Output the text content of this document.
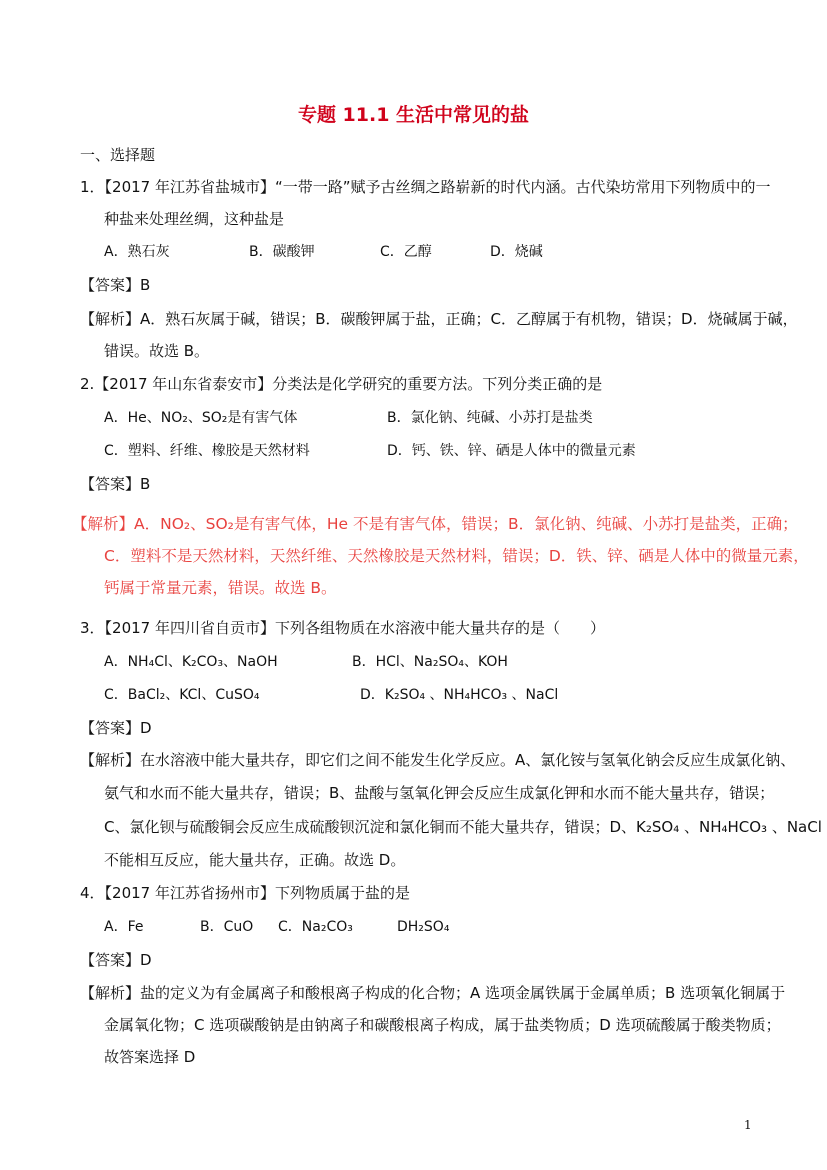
专题 11.1 生活中常见的盐
一、选择题
1．【2017 年江苏省盐城市】“一带一路”赋予古丝绸之路崭新的时代内涵。古代染坊常用下列物质中的一
种盐来处理丝绸，这种盐是
A．熟石灰	B．碳酸钾	C．乙醇	D．烧碱
【答案】B
【解析】A．熟石灰属于碱，错误；B．碳酸钾属于盐，正确；C．乙醇属于有机物，错误；D．烧碱属于碱，
错误。故选 B。
2.【2017 年山东省泰安市】分类法是化学研究的重要方法。下列分类正确的是
A．He、NO₂、SO₂是有害气体	B．氯化钠、纯碱、小苏打是盐类
C．塑料、纤维、橡胶是天然材料	D．钙、铁、锌、硒是人体中的微量元素
【答案】B
【解析】A．NO₂、SO₂是有害气体，He 不是有害气体，错误；B．氯化钠、纯碱、小苏打是盐类，正确；
C．塑料不是天然材料，天然纤维、天然橡胶是天然材料，错误；D．铁、锌、硒是人体中的微量元素，
钙属于常量元素，错误。故选 B。
3．【2017 年四川省自贡市】下列各组物质在水溶液中能大量共存的是（　　）
A．NH₄Cl、K₂CO₃、NaOH	B．HCl、Na₂SO₄、KOH
C．BaCl₂、KCl、CuSO₄	D．K₂SO₄ 、NH₄HCO₃ 、NaCl
【答案】D
【解析】在水溶液中能大量共存，即它们之间不能发生化学反应。A、氯化铵与氢氧化钠会反应生成氯化钠、
氨气和水而不能大量共存，错误；B、盐酸与氢氧化钾会反应生成氯化钾和水而不能大量共存，错误；
C、氯化钡与硫酸铜会反应生成硫酸钡沉淀和氯化铜而不能大量共存，错误；D、K₂SO₄ 、NH₄HCO₃ 、NaCl
不能相互反应，能大量共存，正确。故选 D。
4．【2017 年江苏省扬州市】下列物质属于盐的是
A．Fe	B．CuO C．Na₂CO₃	DH₂SO₄
【答案】D
【解析】盐的定义为有金属离子和酸根离子构成的化合物；A 选项金属铁属于金属单质；B 选项氧化铜属于
金属氧化物；C 选项碳酸钠是由钠离子和碳酸根离子构成，属于盐类物质；D 选项硫酸属于酸类物质；
故答案选择 D
1
